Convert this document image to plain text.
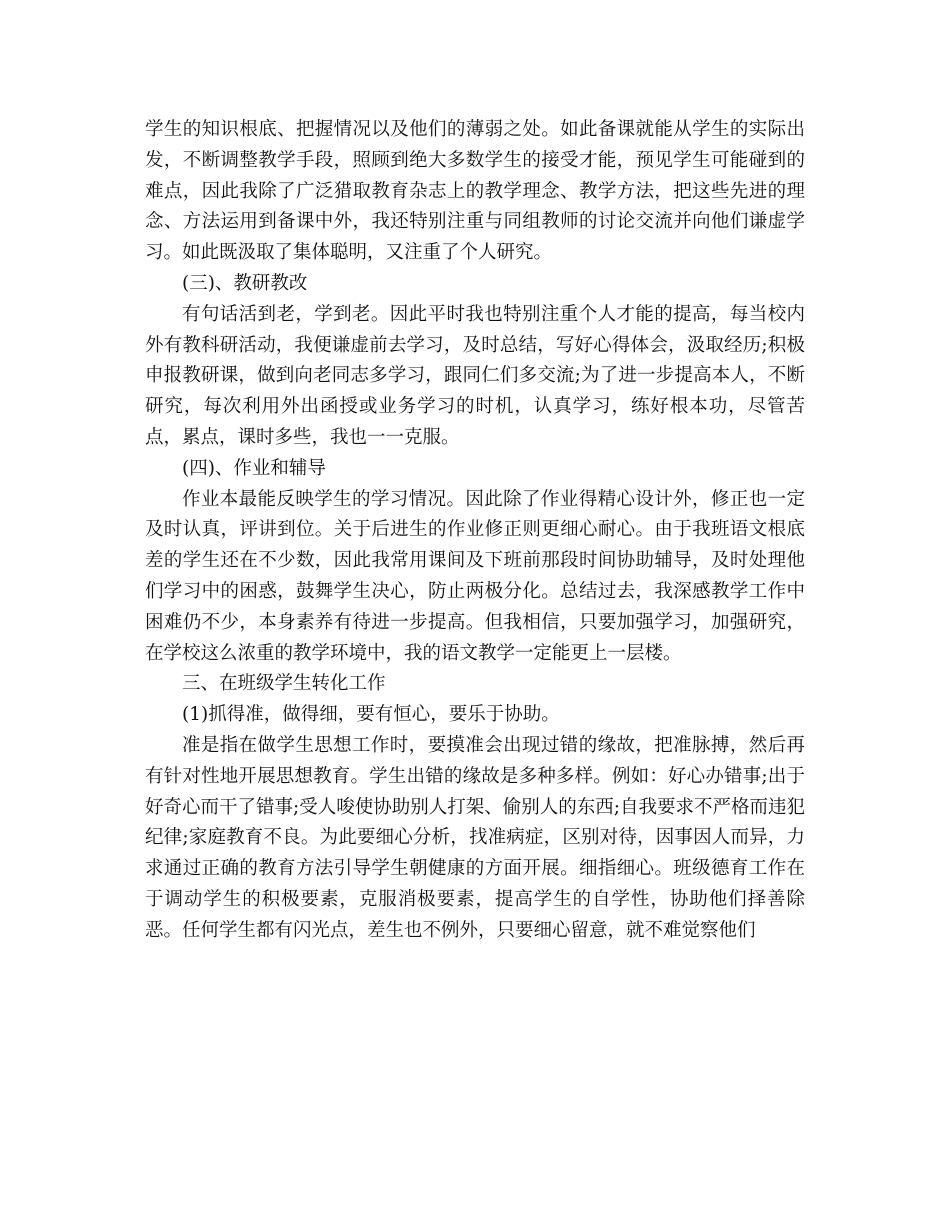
学生的知识根底、把握情况以及他们的薄弱之处。如此备课就能从学生的实际出发，不断调整教学手段，照顾到绝大多数学生的接受才能，预见学生可能碰到的难点，因此我除了广泛猎取教育杂志上的教学理念、教学方法，把这些先进的理念、方法运用到备课中外，我还特别注重与同组教师的讨论交流并向他们谦虚学习。如此既汲取了集体聪明，又注重了个人研究。

(三)、教研教改

有句话活到老，学到老。因此平时我也特别注重个人才能的提高，每当校内外有教科研活动，我便谦虚前去学习，及时总结，写好心得体会，汲取经历;积极申报教研课，做到向老同志多学习，跟同仁们多交流;为了进一步提高本人，不断研究，每次利用外出函授或业务学习的时机，认真学习，练好根本功，尽管苦点，累点，课时多些，我也一一克服。

(四)、作业和辅导

作业本最能反映学生的学习情况。因此除了作业得精心设计外，修正也一定及时认真，评讲到位。关于后进生的作业修正则更细心耐心。由于我班语文根底差的学生还在不少数，因此我常用课间及下班前那段时间协助辅导，及时处理他们学习中的困惑，鼓舞学生决心，防止两极分化。总结过去，我深感教学工作中困难仍不少，本身素养有待进一步提高。但我相信，只要加强学习，加强研究，在学校这么浓重的教学环境中，我的语文教学一定能更上一层楼。

三、在班级学生转化工作

(1)抓得准，做得细，要有恒心，要乐于协助。

准是指在做学生思想工作时，要摸准会出现过错的缘故，把准脉搏，然后再有针对性地开展思想教育。学生出错的缘故是多种多样。例如：好心办错事;出于好奇心而干了错事;受人唆使协助别人打架、偷别人的东西;自我要求不严格而违犯纪律;家庭教育不良。为此要细心分析，找准病症，区别对待，因事因人而异，力求通过正确的教育方法引导学生朝健康的方面开展。细指细心。班级德育工作在于调动学生的积极要素，克服消极要素，提高学生的自学性，协助他们择善除恶。任何学生都有闪光点，差生也不例外，只要细心留意，就不难觉察他们
